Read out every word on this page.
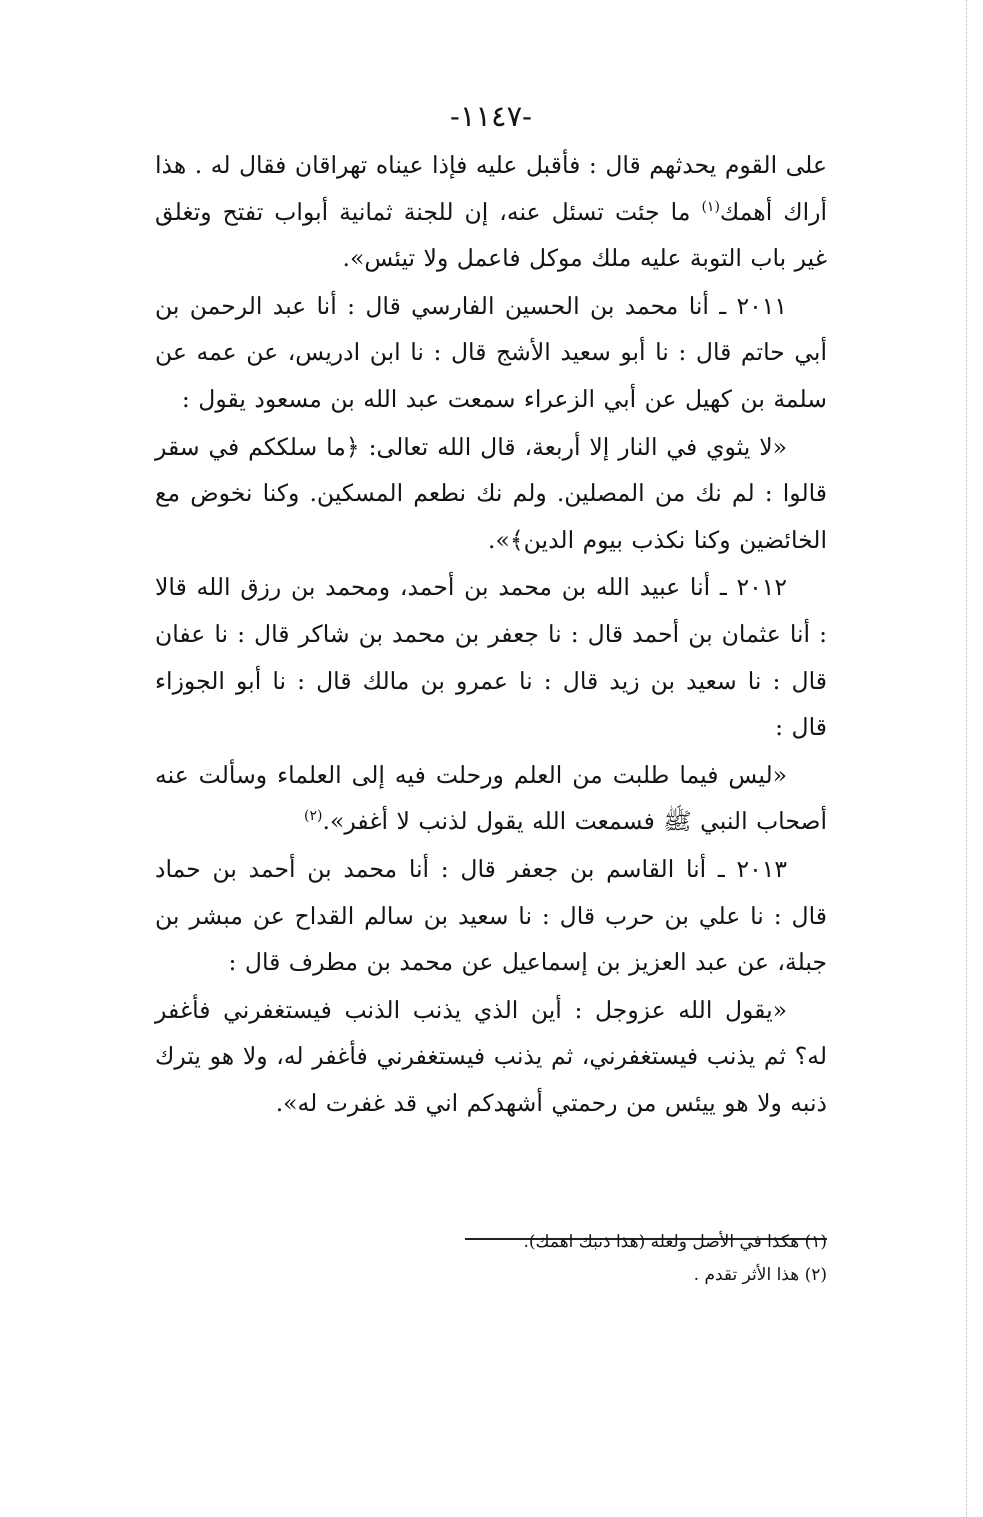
-١١٤٧-

على القوم يحدثهم قال : فأقبل عليه فإذا عيناه تهراقان فقال له . هذا أراك أهمك$^{(١)}$ ما جئت تسئل عنه، إن للجنة ثمانية أبواب تفتح وتغلق غير باب التوبة عليه ملك موكل فاعمل ولا تيئس».

٢٠١١ ـ أنا محمد بن الحسين الفارسي قال : أنا عبد الرحمن بن أبي حاتم قال : نا أبو سعيد الأشج قال : نا ابن ادريس، عن عمه عن سلمة بن كهيل عن أبي الزعراء سمعت عبد الله بن مسعود يقول :

«لا يثوي في النار إلا أربعة، قال الله تعالى: ﴿ما سلككم في سقر قالوا : لم نك من المصلين. ولم نك نطعم المسكين. وكنا نخوض مع الخائضين وكنا نكذب بيوم الدين﴾».

٢٠١٢ ـ أنا عبيد الله بن محمد بن أحمد، ومحمد بن رزق الله قالا : أنا عثمان بن أحمد قال : نا جعفر بن محمد بن شاكر قال : نا عفان قال : نا سعيد بن زيد قال : نا عمرو بن مالك قال : نا أبو الجوزاء قال :

«ليس فيما طلبت من العلم ورحلت فيه إلى العلماء وسألت عنه أصحاب النبي ﷺ فسمعت الله يقول لذنب لا أغفر».$^{(٢)}$

٢٠١٣ ـ أنا القاسم بن جعفر قال : أنا محمد بن أحمد بن حماد قال : نا علي بن حرب قال : نا سعيد بن سالم القداح عن مبشر بن جبلة، عن عبد العزيز بن إسماعيل عن محمد بن مطرف قال :

«يقول الله عزوجل : أين الذي يذنب الذنب فيستغفرني فأغفر له؟ ثم يذنب فيستغفرني، ثم يذنب فيستغفرني فأغفر له، ولا هو يترك ذنبه ولا هو ييئس من رحمتي أشهدكم اني قد غفرت له».

(١) هكذا في الأصل ولعله (هذا ذنبك اهمك).

(٢) هذا الأثر تقدم .
